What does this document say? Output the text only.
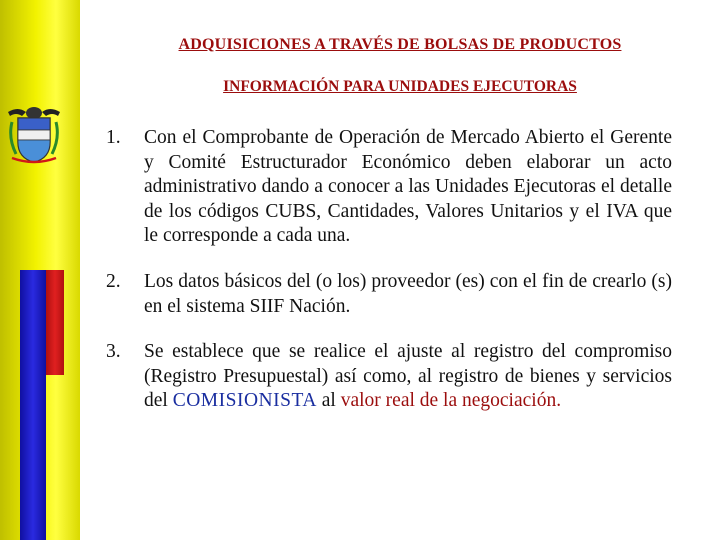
ADQUISICIONES A TRAVÉS DE BOLSAS DE PRODUCTOS
INFORMACIÓN PARA UNIDADES EJECUTORAS
1. Con el Comprobante de Operación de Mercado Abierto el Gerente y Comité Estructurador Económico deben elaborar un acto administrativo dando a conocer a las Unidades Ejecutoras el detalle de los códigos CUBS, Cantidades, Valores Unitarios y el IVA que le corresponde a cada una.
2. Los datos básicos del (o los) proveedor (es) con el fin de crearlo (s) en el sistema SIIF Nación.
3. Se establece que se realice el ajuste al registro del compromiso (Registro Presupuestal) así como, al registro de bienes y servicios del COMISIONISTA al valor real de la negociación.
